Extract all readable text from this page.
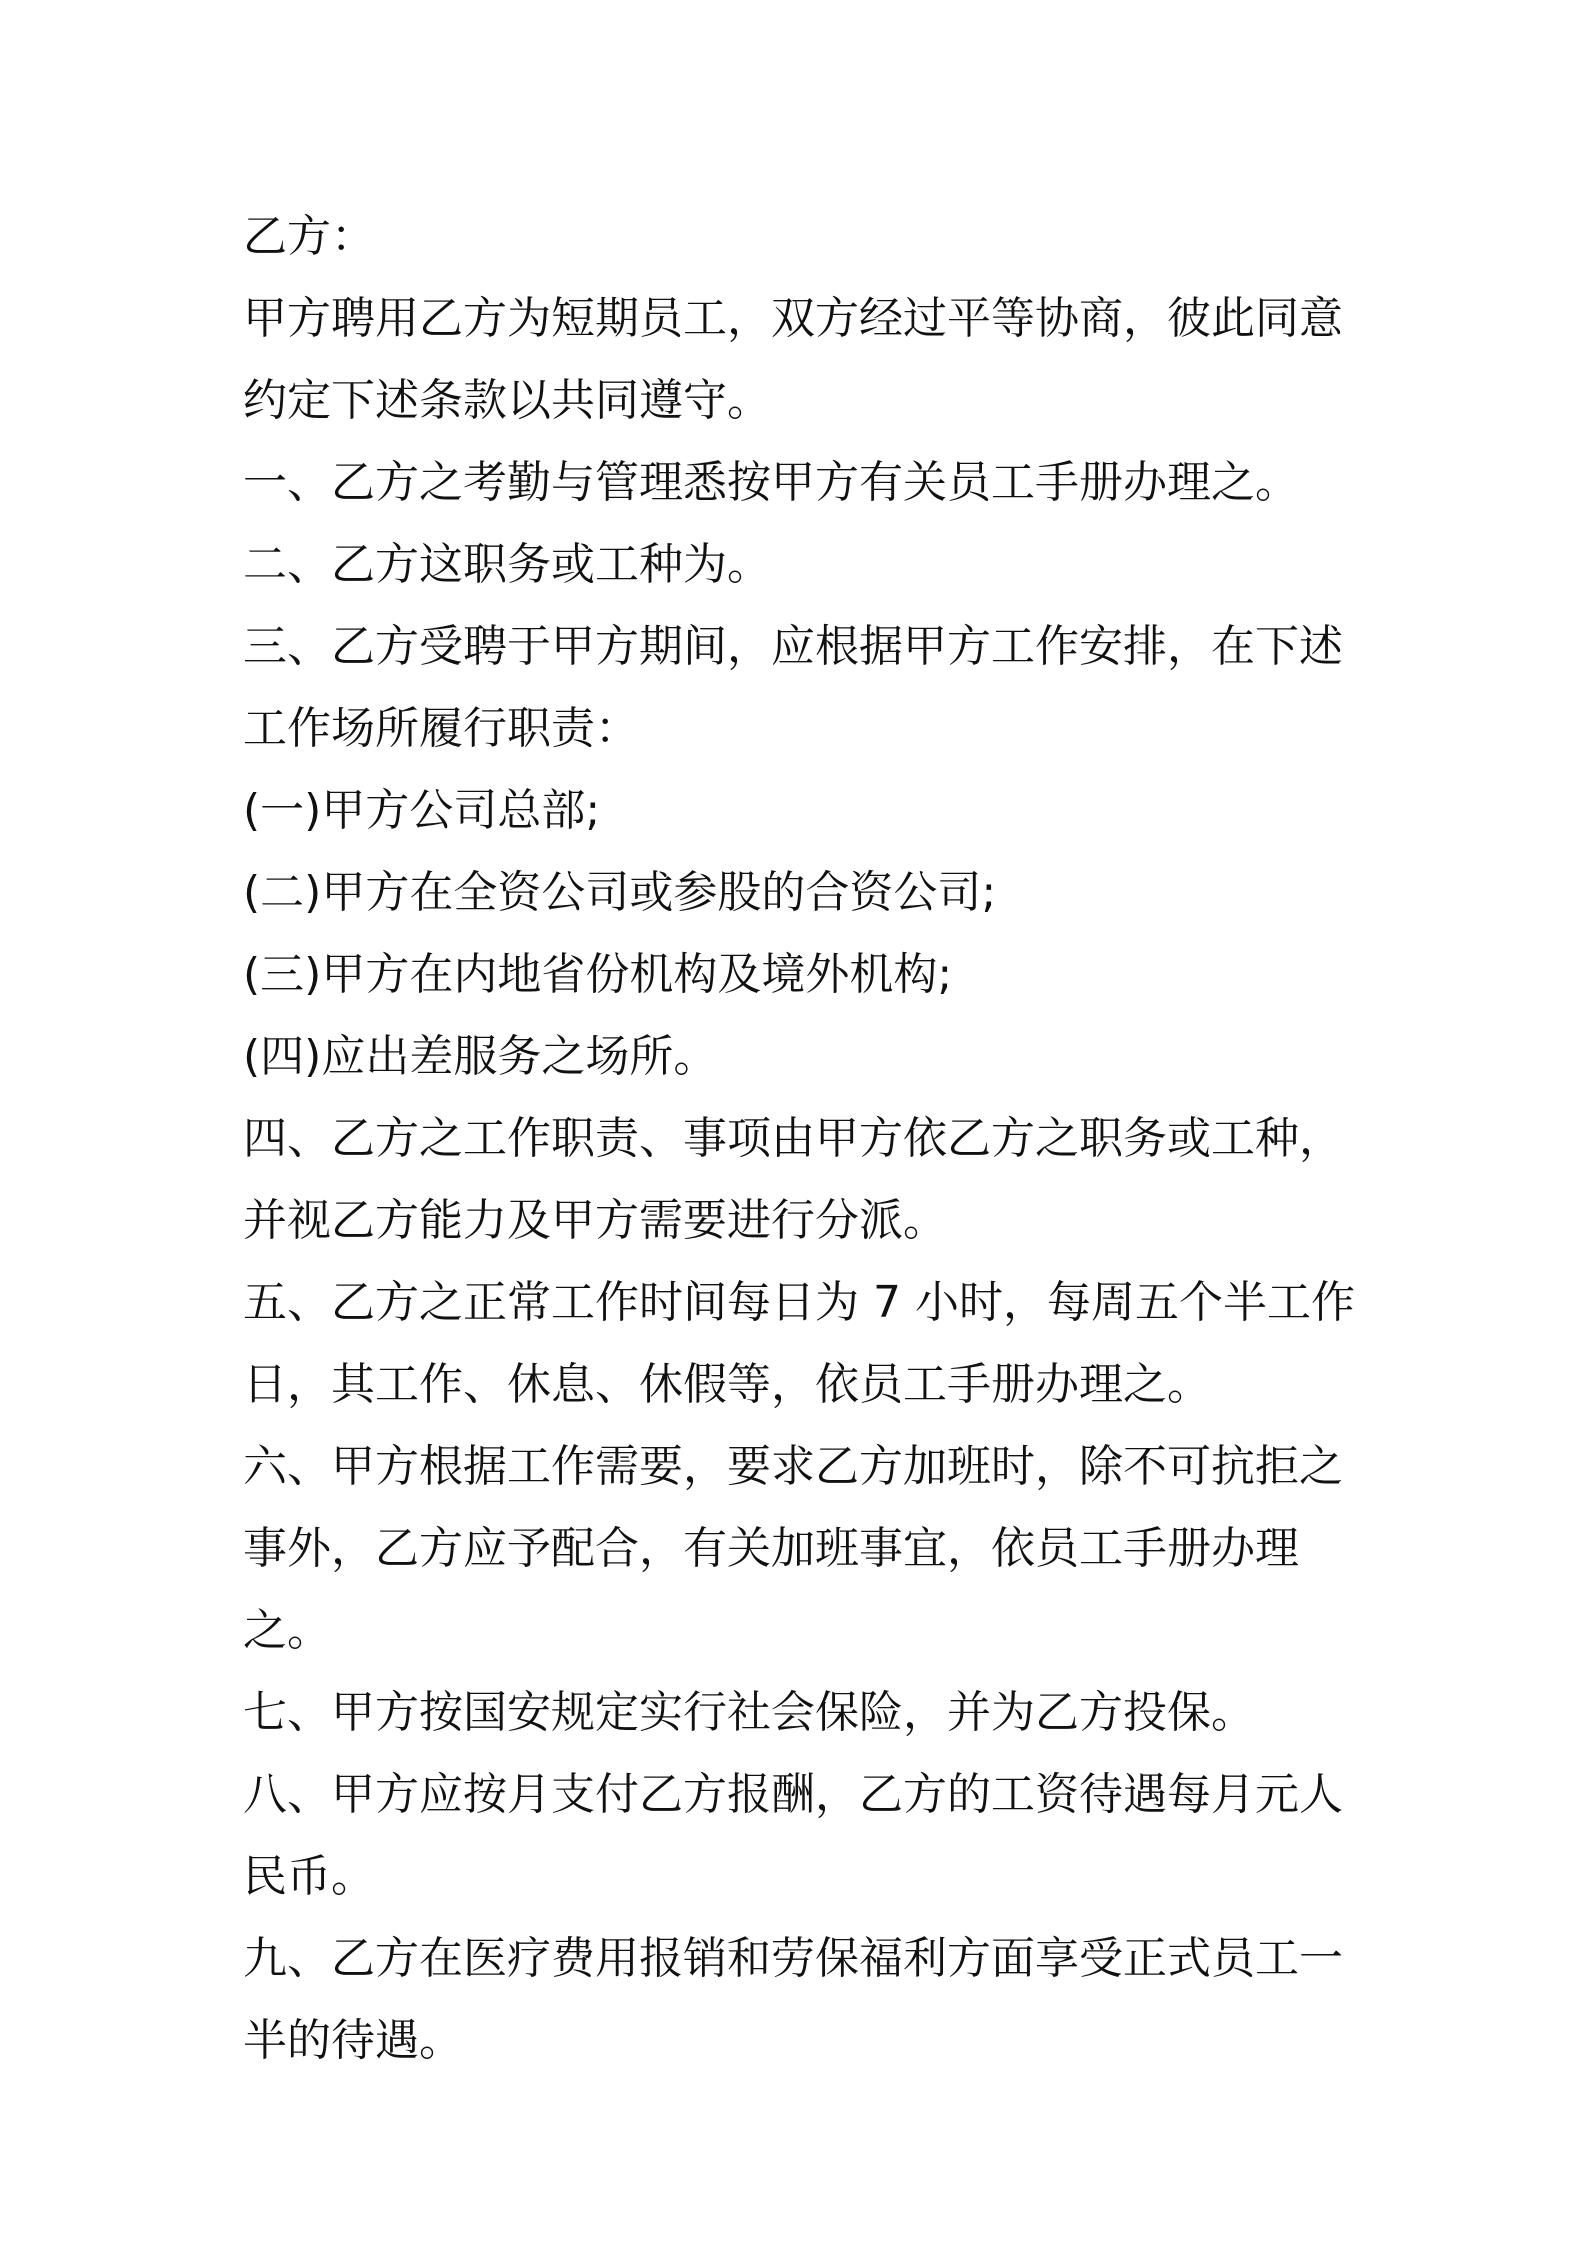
乙方：

甲方聘用乙方为短期员工，双方经过平等协商，彼此同意约定下述条款以共同遵守。

一、乙方之考勤与管理悉按甲方有关员工手册办理之。

二、乙方这职务或工种为。

三、乙方受聘于甲方期间，应根据甲方工作安排，在下述工作场所履行职责：

(一)甲方公司总部;

(二)甲方在全资公司或参股的合资公司;

(三)甲方在内地省份机构及境外机构;

(四)应出差服务之场所。

四、乙方之工作职责、事项由甲方依乙方之职务或工种，并视乙方能力及甲方需要进行分派。

五、乙方之正常工作时间每日为 7 小时，每周五个半工作日，其工作、休息、休假等，依员工手册办理之。

六、甲方根据工作需要，要求乙方加班时，除不可抗拒之事外，乙方应予配合，有关加班事宜，依员工手册办理之。

七、甲方按国安规定实行社会保险，并为乙方投保。

八、甲方应按月支付乙方报酬，乙方的工资待遇每月元人民币。

九、乙方在医疗费用报销和劳保福利方面享受正式员工一半的待遇。
